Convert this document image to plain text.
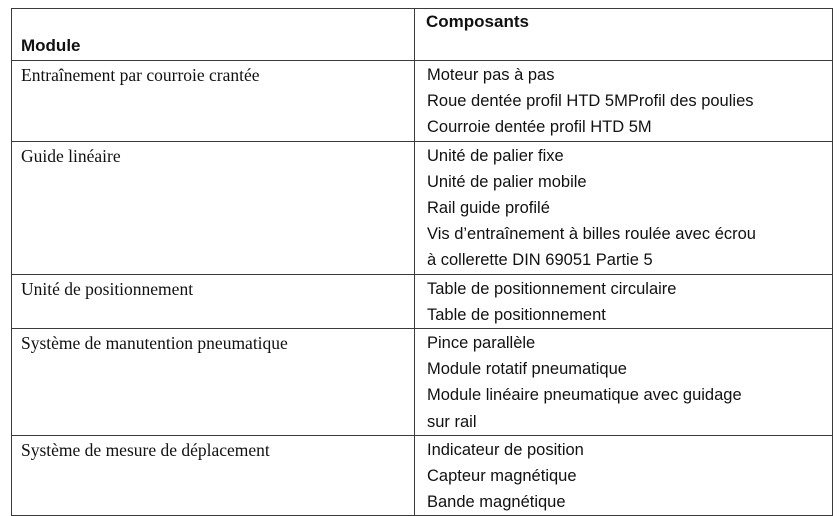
Module	Composants
Entraînement par courroie crantée	Moteur pas à pas
Roue dentée profil HTD 5MProfil des poulies
Courroie dentée profil HTD 5M

Guide linéaire	Unité de palier fixe
Unité de palier mobile
Rail guide profilé
Vis d’entraînement à billes roulée avec écrou
à collerette DIN 69051 Partie 5

Unité de positionnement	Table de positionnement circulaire
Table de positionnement

Système de manutention pneumatique	Pince parallèle
Module rotatif pneumatique
Module linéaire pneumatique avec guidage
sur rail

Système de mesure de déplacement	Indicateur de position
Capteur magnétique
Bande magnétique
